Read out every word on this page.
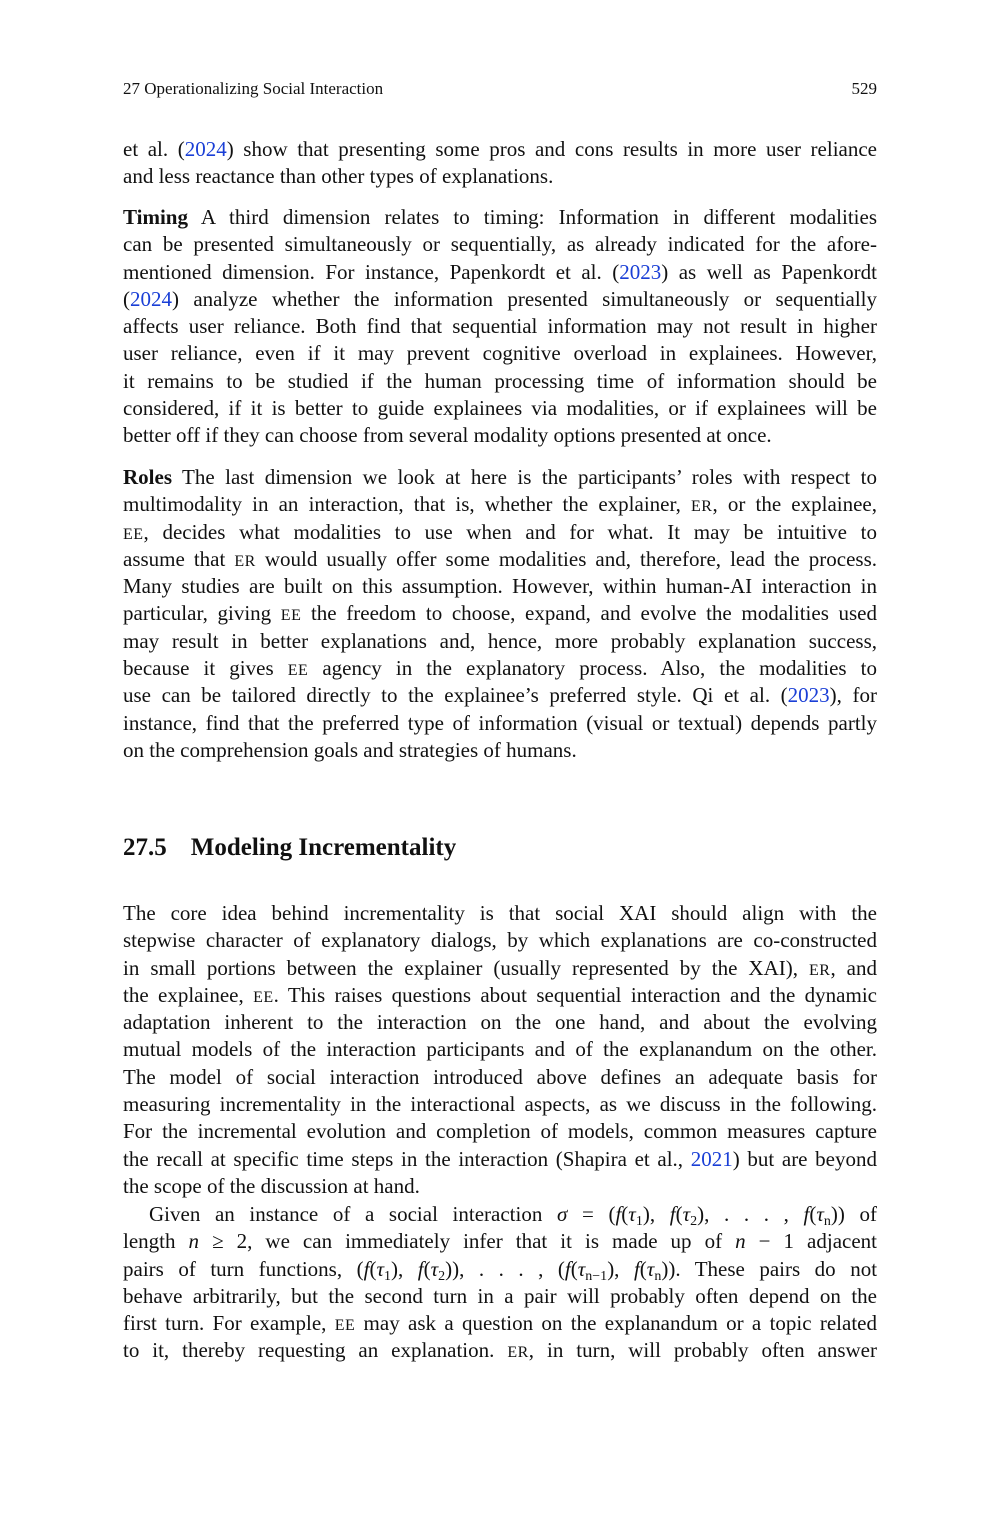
27 Operationalizing Social Interaction	529
et al. (2024) show that presenting some pros and cons results in more user reliance
and less reactance than other types of explanations.
Timing A third dimension relates to timing: Information in different modalities
can be presented simultaneously or sequentially, as already indicated for the afore-
mentioned dimension. For instance, Papenkordt et al. (2023) as well as Papenkordt
(2024) analyze whether the information presented simultaneously or sequentially
affects user reliance. Both find that sequential information may not result in higher
user reliance, even if it may prevent cognitive overload in explainees. However,
it remains to be studied if the human processing time of information should be
considered, if it is better to guide explainees via modalities, or if explainees will be
better off if they can choose from several modality options presented at once.
Roles The last dimension we look at here is the participants’ roles with respect to
multimodality in an interaction, that is, whether the explainer, ER, or the explainee,
EE, decides what modalities to use when and for what. It may be intuitive to
assume that ER would usually offer some modalities and, therefore, lead the process.
Many studies are built on this assumption. However, within human-AI interaction in
particular, giving EE the freedom to choose, expand, and evolve the modalities used
may result in better explanations and, hence, more probably explanation success,
because it gives EE agency in the explanatory process. Also, the modalities to
use can be tailored directly to the explainee’s preferred style. Qi et al. (2023), for
instance, find that the preferred type of information (visual or textual) depends partly
on the comprehension goals and strategies of humans.
27.5 Modeling Incrementality
The core idea behind incrementality is that social XAI should align with the
stepwise character of explanatory dialogs, by which explanations are co-constructed
in small portions between the explainer (usually represented by the XAI), ER, and
the explainee, EE. This raises questions about sequential interaction and the dynamic
adaptation inherent to the interaction on the one hand, and about the evolving
mutual models of the interaction participants and of the explanandum on the other.
The model of social interaction introduced above defines an adequate basis for
measuring incrementality in the interactional aspects, as we discuss in the following.
For the incremental evolution and completion of models, common measures capture
the recall at specific time steps in the interaction (Shapira et al., 2021) but are beyond
the scope of the discussion at hand.
Given an instance of a social interaction $\sigma = (f(\tau_1)$, $f(\tau_2)$, . . . , $f(\tau_n)$) of
length n ≥ 2, we can immediately infer that it is made up of n − 1 adjacent
pairs of turn functions, ($f(\tau_1)$, $f(\tau_2)$), . . . , ($f(\tau_{n-1})$, $f(\tau_n)$). These pairs do not
behave arbitrarily, but the second turn in a pair will probably often depend on the
first turn. For example, EE may ask a question on the explanandum or a topic related
to it, thereby requesting an explanation. ER, in turn, will probably often answer
